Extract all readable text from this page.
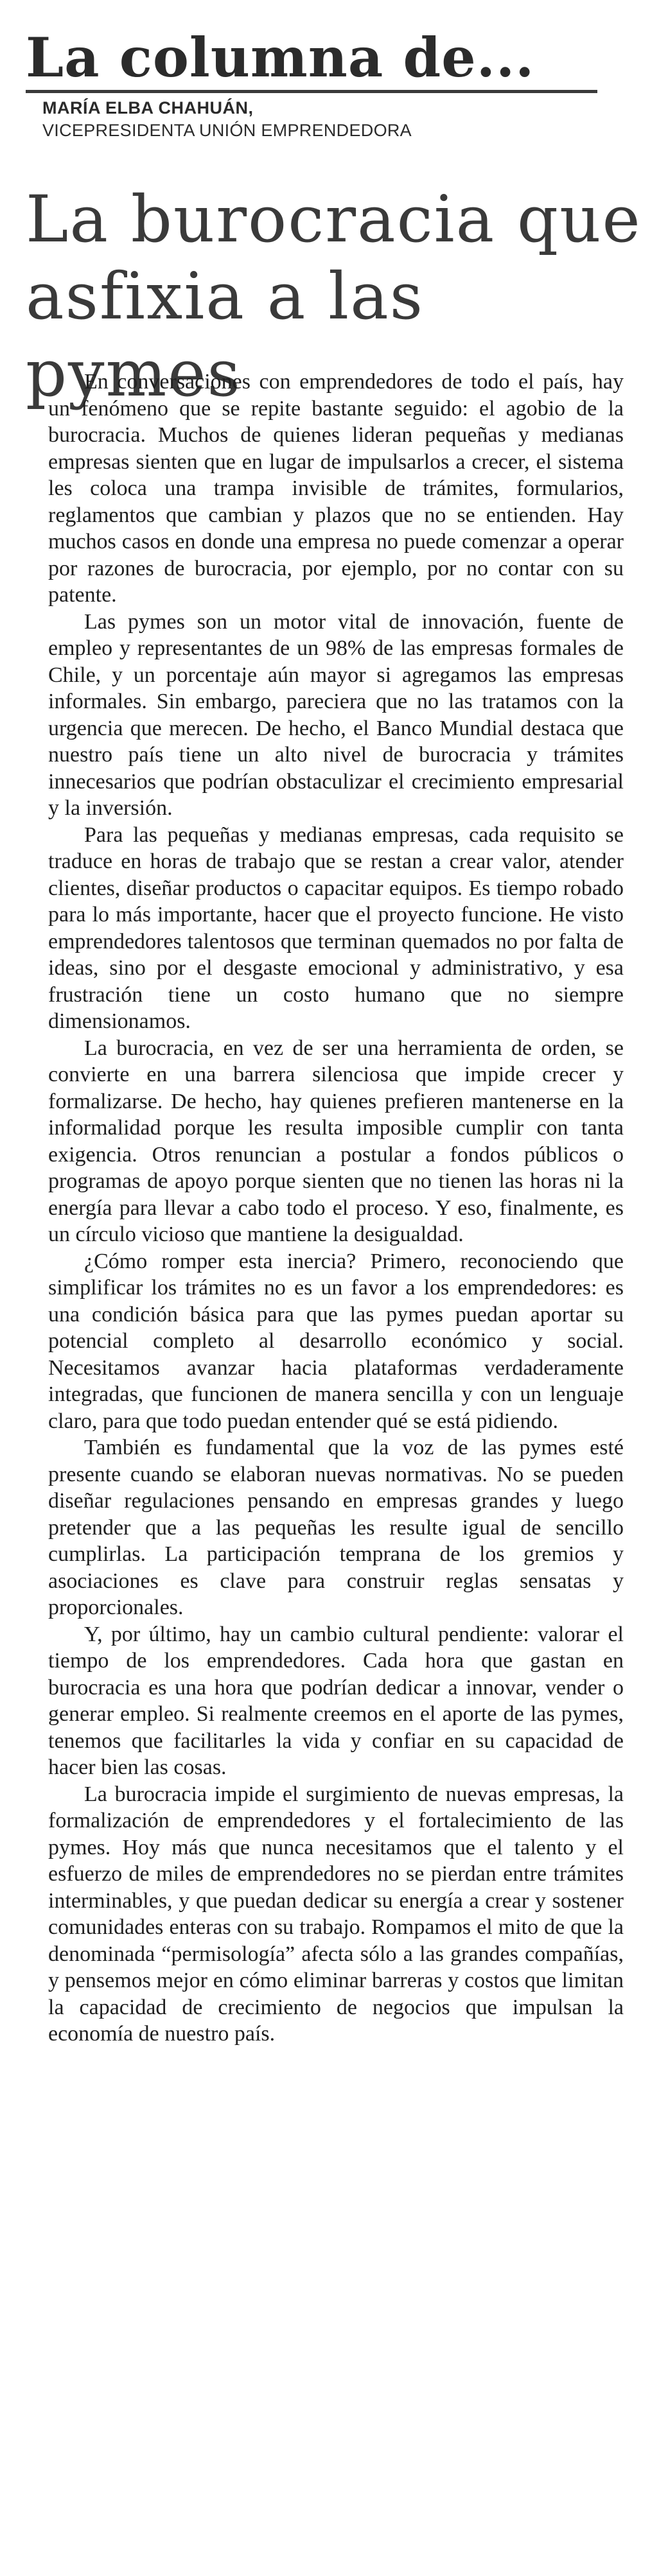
La columna de...
MARÍA ELBA CHAHUÁN,
VICEPRESIDENTA UNIÓN EMPRENDEDORA
La burocracia que asfixia a las pymes

En conversaciones con emprendedores de todo el país, hay un fenómeno que se repite bastante seguido: el agobio de la burocracia. Muchos de quienes lideran pequeñas y medianas empresas sienten que en lugar de impulsarlos a crecer, el sistema les coloca una trampa invisible de trámites, formularios, reglamentos que cambian y plazos que no se entienden. Hay muchos casos en donde una empresa no puede comenzar a operar por razones de burocracia, por ejemplo, por no contar con su patente.

Las pymes son un motor vital de innovación, fuente de empleo y representantes de un 98% de las empresas formales de Chile, y un porcentaje aún mayor si agregamos las empresas informales. Sin embargo, pareciera que no las tratamos con la urgencia que merecen. De hecho, el Banco Mundial destaca que nuestro país tiene un alto nivel de burocracia y trámites innecesarios que podrían obstaculizar el crecimiento empresarial y la inversión.

Para las pequeñas y medianas empresas, cada requisito se traduce en horas de trabajo que se restan a crear valor, atender clientes, diseñar productos o capacitar equipos. Es tiempo robado para lo más importante, hacer que el proyecto funcione. He visto emprendedores talentosos que terminan quemados no por falta de ideas, sino por el desgaste emocional y administrativo, y esa frustración tiene un costo humano que no siempre dimensionamos.

La burocracia, en vez de ser una herramienta de orden, se convierte en una barrera silenciosa que impide crecer y formalizarse. De hecho, hay quienes prefieren mantenerse en la informalidad porque les resulta imposible cumplir con tanta exigencia. Otros renuncian a postular a fondos públicos o programas de apoyo porque sienten que no tienen las horas ni la energía para llevar a cabo todo el proceso. Y eso, finalmente, es un círculo vicioso que mantiene la desigualdad.

¿Cómo romper esta inercia? Primero, reconociendo que simplificar los trámites no es un favor a los emprendedores: es una condición básica para que las pymes puedan aportar su potencial completo al desarrollo económico y social. Necesitamos avanzar hacia plataformas verdaderamente integradas, que funcionen de manera sencilla y con un lenguaje claro, para que todo puedan entender qué se está pidiendo.

También es fundamental que la voz de las pymes esté presente cuando se elaboran nuevas normativas. No se pueden diseñar regulaciones pensando en empresas grandes y luego pretender que a las pequeñas les resulte igual de sencillo cumplirlas. La participación temprana de los gremios y asociaciones es clave para construir reglas sensatas y proporcionales.

Y, por último, hay un cambio cultural pendiente: valorar el tiempo de los emprendedores. Cada hora que gastan en burocracia es una hora que podrían dedicar a innovar, vender o generar empleo. Si realmente creemos en el aporte de las pymes, tenemos que facilitarles la vida y confiar en su capacidad de hacer bien las cosas.

La burocracia impide el surgimiento de nuevas empresas, la formalización de emprendedores y el fortalecimiento de las pymes. Hoy más que nunca necesitamos que el talento y el esfuerzo de miles de emprendedores no se pierdan entre trámites interminables, y que puedan dedicar su energía a crear y sostener comunidades enteras con su trabajo. Rompamos el mito de que la denominada “permisología” afecta sólo a las grandes compañías, y pensemos mejor en cómo eliminar barreras y costos que limitan la capacidad de crecimiento de negocios que impulsan la economía de nuestro país.
